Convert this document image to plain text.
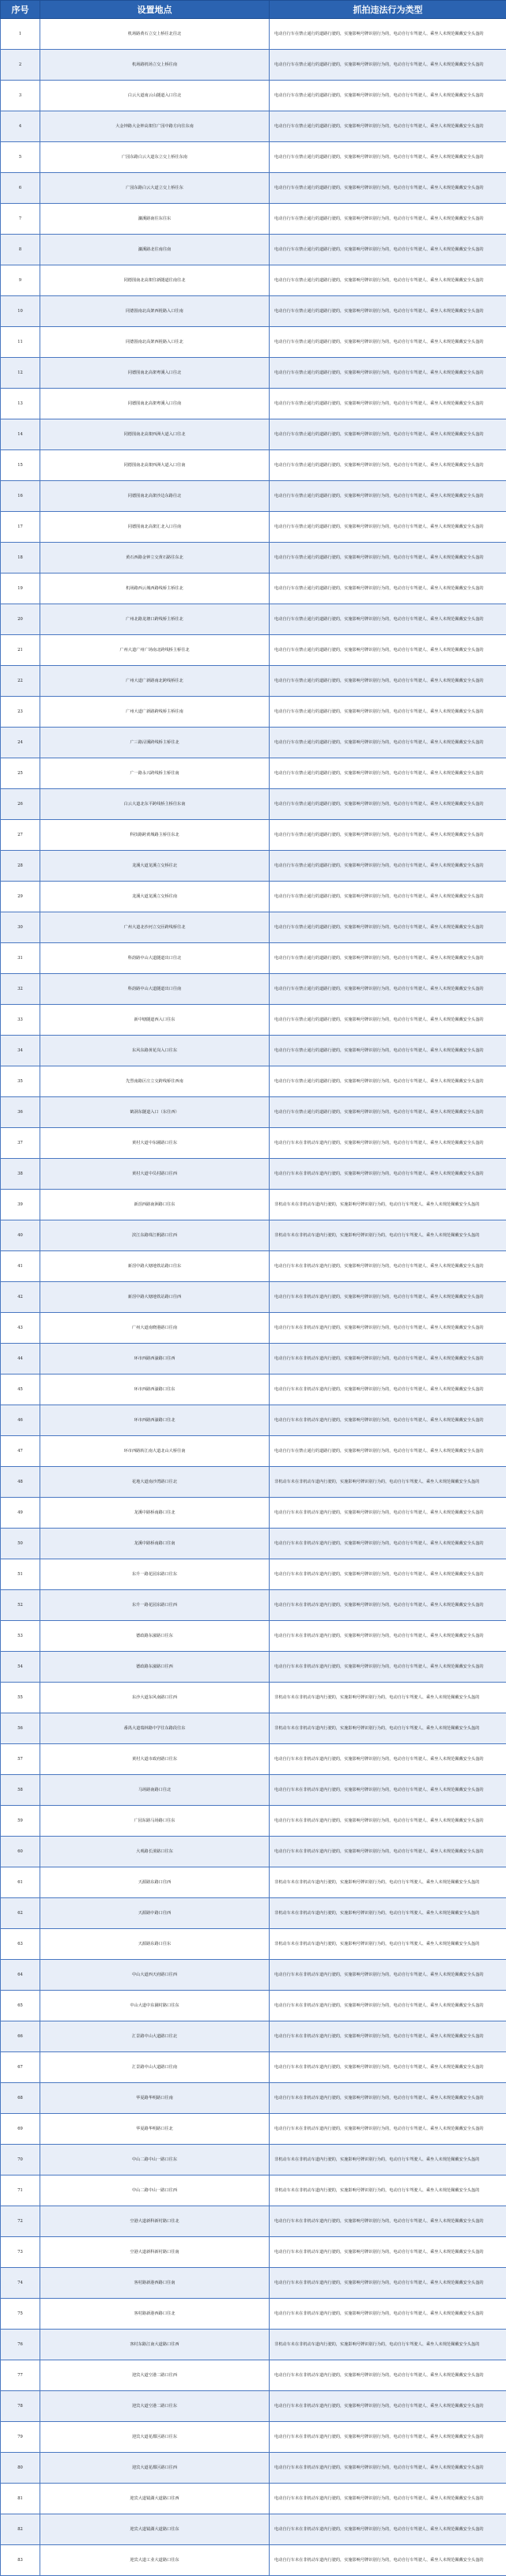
序号	设置地点	抓拍违法行为类型
1	机场路黄石立交上桥往北往北	电动自行车在禁止通行的道路行驶的，实施影响号牌识别行为的，电动自行车驾驶人、乘坐人未规范佩戴安全头盔的
2	机场路机场立交上桥往南	电动自行车在禁止通行的道路行驶的，实施影响号牌识别行为的，电动自行车驾驶人、乘坐人未规范佩戴安全头盔的
3	白云大道南云山隧道入口往北	电动自行车在禁止通行的道路行驶的，实施影响号牌识别行为的，电动自行车驾驶人、乘坐人未规范佩戴安全头盔的
4	大金钟路大金钟高架往广园中路方向往东南	电动自行车在禁止通行的道路行驶的，实施影响号牌识别行为的，电动自行车驾驶人、乘坐人未规范佩戴安全头盔的
5	广园东路白云大道东立交上桥往东南	电动自行车在禁止通行的道路行驶的，实施影响号牌识别行为的，电动自行车驾驶人、乘坐人未规范佩戴安全头盔的
6	广园东路白云大道立交上桥往东	电动自行车在禁止通行的道路行驶的，实施影响号牌识别行为的，电动自行车驾驶人、乘坐人未规范佩戴安全头盔的
7	濂溪路南往东往东	电动自行车在禁止通行的道路行驶的，实施影响号牌识别行为的，电动自行车驾驶人、乘坐人未规范佩戴安全头盔的
8	濂溪路北往南往南	电动自行车在禁止通行的道路行驶的，实施影响号牌识别行为的，电动自行车驾驶人、乘坐人未规范佩戴安全头盔的
9	同德围南北高架往新隧道往南往北	电动自行车在禁止通行的道路行驶的，实施影响号牌识别行为的，电动自行车驾驶人、乘坐人未规范佩戴安全头盔的
10	同德围南北高架西槎路入口往南	电动自行车在禁止通行的道路行驶的，实施影响号牌识别行为的，电动自行车驾驶人、乘坐人未规范佩戴安全头盔的
11	同德围南北高架西槎路入口往北	电动自行车在禁止通行的道路行驶的，实施影响号牌识别行为的，电动自行车驾驶人、乘坐人未规范佩戴安全头盔的
12	同德围南北高架粤溪入口往北	电动自行车在禁止通行的道路行驶的，实施影响号牌识别行为的，电动自行车驾驶人、乘坐人未规范佩戴安全头盔的
13	同德围南北高架粤溪入口往南	电动自行车在禁止通行的道路行驶的，实施影响号牌识别行为的，电动自行车驾驶人、乘坐人未规范佩戴安全头盔的
14	同德围南北高架西洲大道入口往北	电动自行车在禁止通行的道路行驶的，实施影响号牌识别行为的，电动自行车驾驶人、乘坐人未规范佩戴安全头盔的
15	同德围南北高架西洲大道入口往南	电动自行车在禁止通行的道路行驶的，实施影响号牌识别行为的，电动自行车驾驶人、乘坐人未规范佩戴安全头盔的
16	同德围南北高架沙边东路往北	电动自行车在禁止通行的道路行驶的，实施影响号牌识别行为的，电动自行车驾驶人、乘坐人未规范佩戴安全头盔的
17	同德围南北高架汇北入口往南	电动自行车在禁止通行的道路行驶的，实施影响号牌识别行为的，电动自行车驾驶人、乘坐人未规范佩戴安全头盔的
18	黄石西路金钟立交黄石路往东北	电动自行车在禁止通行的道路行驶的，实施影响号牌识别行为的，电动自行车驾驶人、乘坐人未规范佩戴安全头盔的
19	机场路西云城西路线桥主桥往北	电动自行车在禁止通行的道路行驶的，实施影响号牌识别行为的，电动自行车驾驶人、乘坐人未规范佩戴安全头盔的
20	广州北路龙塘口跨线桥主桥往北	电动自行车在禁止通行的道路行驶的，实施影响号牌识别行为的，电动自行车驾驶人、乘坐人未规范佩戴安全头盔的
21	广州大道广州广场南北跨线桥主桥往北	电动自行车在禁止通行的道路行驶的，实施影响号牌识别行为的，电动自行车驾驶人、乘坐人未规范佩戴安全头盔的
22	广州大道广新路南北跨线桥往北	电动自行车在禁止通行的道路行驶的，实施影响号牌识别行为的，电动自行车驾驶人、乘坐人未规范佩戴安全头盔的
23	广州大道广新路跨线桥主桥往南	电动自行车在禁止通行的道路行驶的，实施影响号牌识别行为的，电动自行车驾驶人、乘坐人未规范佩戴安全头盔的
24	广三路浔溪跨线桥主桥往北	电动自行车在禁止通行的道路行驶的，实施影响号牌识别行为的，电动自行车驾驶人、乘坐人未规范佩戴安全头盔的
25	广一路永兴跨线桥主桥往南	电动自行车在禁止通行的道路行驶的，实施影响号牌识别行为的，电动自行车驾驶人、乘坐人未规范佩戴安全头盔的
26	白云大道北东平跨线桥主桥往东南	电动自行车在禁止通行的道路行驶的，实施影响号牌识别行为的，电动自行车驾驶人、乘坐人未规范佩戴安全头盔的
27	科技路跨黄城路主桥往东北	电动自行车在禁止通行的道路行驶的，实施影响号牌识别行为的，电动自行车驾驶人、乘坐人未规范佩戴安全头盔的
28	龙溪大道龙溪立交桥往北	电动自行车在禁止通行的道路行驶的，实施影响号牌识别行为的，电动自行车驾驶人、乘坐人未规范佩戴安全头盔的
29	龙溪大道龙溪立交桥往南	电动自行车在禁止通行的道路行驶的，实施影响号牌识别行为的，电动自行车驾驶人、乘坐人未规范佩戴安全头盔的
30	广州大道北沙河立交匝跨线桥往北	电动自行车在禁止通行的道路行驶的，实施影响号牌识别行为的，电动自行车驾驶人、乘坐人未规范佩戴安全头盔的
31	科韵路中山大道隧道出口往北	电动自行车在禁止通行的道路行驶的，实施影响号牌识别行为的，电动自行车驾驶人、乘坐人未规范佩戴安全头盔的
32	科韵路中山大道隧道出口往南	电动自行车在禁止通行的道路行驶的，实施影响号牌识别行为的，电动自行车驾驶人、乘坐人未规范佩戴安全头盔的
33	新中塘隧道西入口往东	电动自行车在禁止通行的道路行驶的，实施影响号牌识别行为的，电动自行车驾驶人、乘坐人未规范佩戴安全头盔的
34	东风东路黄花岗入口往东	电动自行车在禁止通行的道路行驶的，实施影响号牌识别行为的，电动自行车驾驶人、乘坐人未规范佩戴安全头盔的
35	先烈南路区庄立交跨线桥往西南	电动自行车在禁止通行的道路行驶的，实施影响号牌识别行为的，电动自行车驾驶人、乘坐人未规范佩戴安全头盔的
36	鹤洞东隧道入口（东往西）	电动自行车在禁止通行的道路行驶的，实施影响号牌识别行为的，电动自行车驾驶人、乘坐人未规范佩戴安全头盔的
37	黄村大道中东圃路口往东	电动自行车未在非机动车道内行驶的，实施影响号牌识别行为的，电动自行车驾驶人、乘坐人未规范佩戴安全头盔的
38	黄村大道中员村路口往西	电动自行车未在非机动车道内行驶的，实施影响号牌识别行为的，电动自行车驾驶人、乘坐人未规范佩戴安全头盔的
39	新滘西路南洲路口往东	非机动车未在非机动车道内行驶的，实施影响号牌识别行为的，电动自行车驾驶人、乘坐人未规范佩戴安全头盔的
40	滨江东路珠江帆路口往西	非机动车未在非机动车道内行驶的，实施影响号牌识别行为的，电动自行车驾驶人、乘坐人未规范佩戴安全头盔的
41	新滘中路大塘地铁站路口往东	电动自行车未在非机动车道内行驶的，实施影响号牌识别行为的，电动自行车驾驶人、乘坐人未规范佩戴安全头盔的
42	新滘中路大塘地铁站路口往西	电动自行车未在非机动车道内行驶的，实施影响号牌识别行为的，电动自行车驾驶人、乘坐人未规范佩戴安全头盔的
43	广州大道南晓港路口往南	电动自行车未在非机动车道内行驶的，实施影响号牌识别行为的，电动自行车驾驶人、乘坐人未规范佩戴安全头盔的
44	环市西路西濠路口往西	电动自行车未在非机动车道内行驶的，实施影响号牌识别行为的，电动自行车驾驶人、乘坐人未规范佩戴安全头盔的
45	环市西路西濠路口往东	电动自行车未在非机动车道内行驶的，实施影响号牌识别行为的，电动自行车驾驶人、乘坐人未规范佩戴安全头盔的
46	环市西路西濠路口往北	电动自行车未在非机动车道内行驶的，实施影响号牌识别行为的，电动自行车驾驶人、乘坐人未规范佩戴安全头盔的
47	环市西路转江南大道北山大桥往南	电动自行车在禁止通行的道路行驶的，实施影响号牌识别行为的，电动自行车驾驶人、乘坐人未规范佩戴安全头盔的
48	花地大道南沙湾路口往北	非机动车未在非机动车道内行驶的，实施影响号牌识别行为的，电动自行车驾驶人、乘坐人未规范佩戴安全头盔的
49	龙溪中路桥南路口往北	电动自行车未在非机动车道内行驶的，实施影响号牌识别行为的，电动自行车驾驶人、乘坐人未规范佩戴安全头盔的
50	龙溪中路桥南路口往南	电动自行车未在非机动车道内行驶的，实施影响号牌识别行为的，电动自行车驾驶人、乘坐人未规范佩戴安全头盔的
51	东升一路花园东路口往东	电动自行车未在非机动车道内行驶的，实施影响号牌识别行为的，电动自行车驾驶人、乘坐人未规范佩戴安全头盔的
52	东升一路花园东路口往西	电动自行车未在非机动车道内行驶的，实施影响号牌识别行为的，电动自行车驾驶人、乘坐人未规范佩戴安全头盔的
53	德政路东濠路口往东	电动自行车未在非机动车道内行驶的，实施影响号牌识别行为的，电动自行车驾驶人、乘坐人未规范佩戴安全头盔的
54	德政路东濠路口往西	电动自行车未在非机动车道内行驶的，实施影响号牌识别行为的，电动自行车驾驶人、乘坐人未规范佩戴安全头盔的
55	东沙大道东风南路口往西	非机动车未在非机动车道内行驶的，实施影响号牌识别行为的，电动自行车驾驶人、乘坐人未规范佩戴安全头盔的
56	番禺大道瑞林路中学往东路段往东	非机动车未在非机动车道内行驶的，实施影响号牌识别行为的，电动自行车驾驶人、乘坐人未规范佩戴安全头盔的
57	黄村大道市政府路口往东	电动自行车未在非机动车道内行驶的，实施影响号牌识别行为的，电动自行车驾驶人、乘坐人未规范佩戴安全头盔的
58	马场路南路口往北	电动自行车未在非机动车道内行驶的，实施影响号牌识别行为的，电动自行车驾驶人、乘坐人未规范佩戴安全头盔的
59	广园东路马场路口往东	电动自行车未在非机动车道内行驶的，实施影响号牌识别行为的，电动自行车驾驶人、乘坐人未规范佩戴安全头盔的
60	大观路长湴路口往东	电动自行车未在非机动车道内行驶的，实施影响号牌识别行为的，电动自行车驾驶人、乘坐人未规范佩戴安全头盔的
61	天源路东路口往西	非机动车未在非机动车道内行驶的，实施影响号牌识别行为的，电动自行车驾驶人、乘坐人未规范佩戴安全头盔的
62	天源路中路口往西	非机动车未在非机动车道内行驶的，实施影响号牌识别行为的，电动自行车驾驶人、乘坐人未规范佩戴安全头盔的
63	天源路东路口往东	非机动车未在非机动车道内行驶的，实施影响号牌识别行为的，电动自行车驾驶人、乘坐人未规范佩戴安全头盔的
64	中山大道西天府路口往西	电动自行车未在非机动车道内行驶的，实施影响号牌识别行为的，电动自行车驾驶人、乘坐人未规范佩戴安全头盔的
65	中山大道中东圃村路口往东	电动自行车未在非机动车道内行驶的，实施影响号牌识别行为的，电动自行车驾驶人、乘坐人未规范佩戴安全头盔的
66	汇景路中山大道路口往北	电动自行车未在非机动车道内行驶的，实施影响号牌识别行为的，电动自行车驾驶人、乘坐人未规范佩戴安全头盔的
67	汇景路中山大道路口往南	电动自行车未在非机动车道内行驶的，实施影响号牌识别行为的，电动自行车驾驶人、乘坐人未规范佩戴安全头盔的
68	华夏路华明路口往南	电动自行车未在非机动车道内行驶的，实施影响号牌识别行为的，电动自行车驾驶人、乘坐人未规范佩戴安全头盔的
69	华夏路华明路口往北	电动自行车未在非机动车道内行驶的，实施影响号牌识别行为的，电动自行车驾驶人、乘坐人未规范佩戴安全头盔的
70	中山二路中山一路口往东	非机动车未在非机动车道内行驶的，实施影响号牌识别行为的，电动自行车驾驶人、乘坐人未规范佩戴安全头盔的
71	中山二路中山一路口往西	非机动车未在非机动车道内行驶的，实施影响号牌识别行为的，电动自行车驾驶人、乘坐人未规范佩戴安全头盔的
72	空港大道新科新村路口往北	电动自行车未在非机动车道内行驶的，实施影响号牌识别行为的，电动自行车驾驶人、乘坐人未规范佩戴安全头盔的
73	空港大道新科新村路口往南	电动自行车未在非机动车道内行驶的，实施影响号牌识别行为的，电动自行车驾驶人、乘坐人未规范佩戴安全头盔的
74	客村路新港西路口往南	电动自行车未在非机动车道内行驶的，实施影响号牌识别行为的，电动自行车驾驶人、乘坐人未规范佩戴安全头盔的
75	客村路新港西路口往北	电动自行车未在非机动车道内行驶的，实施影响号牌识别行为的，电动自行车驾驶人、乘坐人未规范佩戴安全头盔的
76	客村东路江南大道路口往西	非机动车未在非机动车道内行驶的，实施影响号牌识别行为的，电动自行车驾驶人、乘坐人未规范佩戴安全头盔的
77	迎宾大道空港二路口往西	电动自行车未在非机动车道内行驶的，实施影响号牌识别行为的，电动自行车驾驶人、乘坐人未规范佩戴安全头盔的
78	迎宾大道空港二路口往东	电动自行车未在非机动车道内行驶的，实施影响号牌识别行为的，电动自行车驾驶人、乘坐人未规范佩戴安全头盔的
79	迎宾大道花都区路口往东	电动自行车未在非机动车道内行驶的，实施影响号牌识别行为的，电动自行车驾驶人、乘坐人未规范佩戴安全头盔的
80	迎宾大道花都区路口往西	电动自行车未在非机动车道内行驶的，实施影响号牌识别行为的，电动自行车驾驶人、乘坐人未规范佩戴安全头盔的
81	迎宾大道镜湖大道路口往西	电动自行车未在非机动车道内行驶的，实施影响号牌识别行为的，电动自行车驾驶人、乘坐人未规范佩戴安全头盔的
82	迎宾大道镜湖大道路口往东	电动自行车未在非机动车道内行驶的，实施影响号牌识别行为的，电动自行车驾驶人、乘坐人未规范佩戴安全头盔的
83	迎宾大道工业大道路口往东	电动自行车未在非机动车道内行驶的，实施影响号牌识别行为的，电动自行车驾驶人、乘坐人未规范佩戴安全头盔的
